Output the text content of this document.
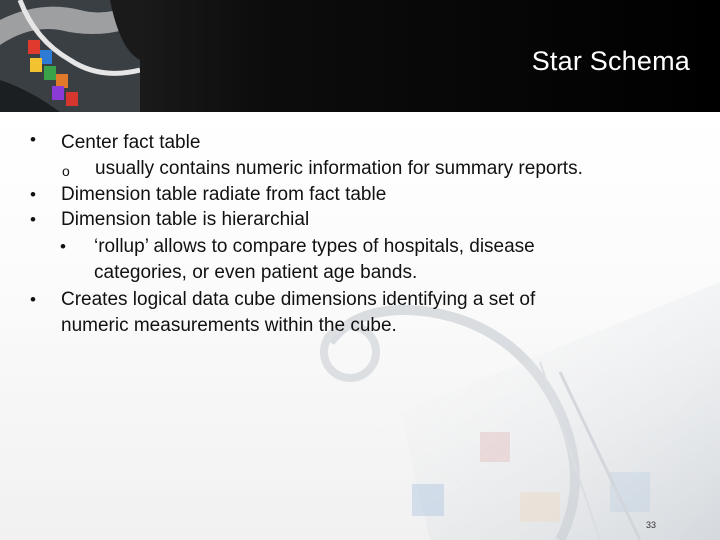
Star Schema
•
o
•
•
•
•
Center fact table
usually contains numeric information for summary reports.
Dimension table radiate from fact table
Dimension table is hierarchial
‘rollup’ allows to compare types of hospitals, disease
categories, or even patient age bands.
Creates logical data cube dimensions identifying a set of
numeric measurements within the cube.
33
